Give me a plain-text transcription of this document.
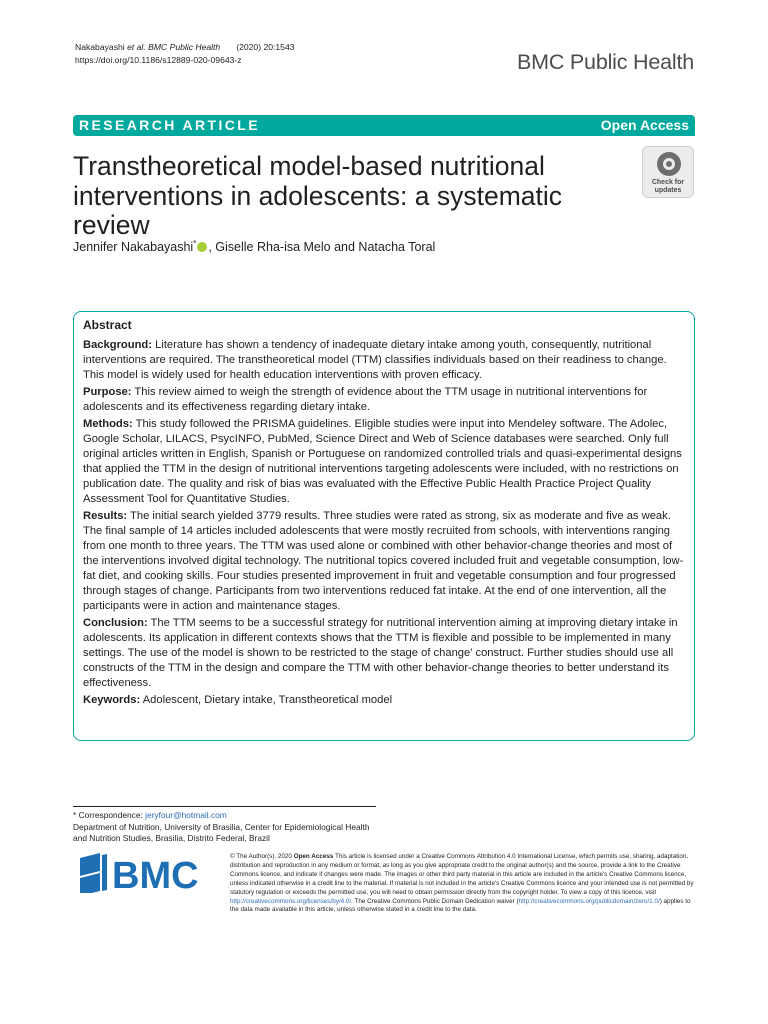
Nakabayashi et al. BMC Public Health (2020) 20:1543
https://doi.org/10.1186/s12889-020-09643-z	BMC Public Health
RESEARCH ARTICLE	Open Access
Transtheoretical model-based nutritional interventions in adolescents: a systematic review
Check for
updates
Jennifer Nakabayashi* , Giselle Rha-isa Melo and Natacha Toral
Abstract

Background: Literature has shown a tendency of inadequate dietary intake among youth, consequently, nutritional interventions are required. The transtheoretical model (TTM) classifies individuals based on their readiness to change. This model is widely used for health education interventions with proven efficacy.

Purpose: This review aimed to weigh the strength of evidence about the TTM usage in nutritional interventions for adolescents and its effectiveness regarding dietary intake.

Methods: This study followed the PRISMA guidelines. Eligible studies were input into Mendeley software. The Adolec, Google Scholar, LILACS, PsycINFO, PubMed, Science Direct and Web of Science databases were searched. Only full original articles written in English, Spanish or Portuguese on randomized controlled trials and quasi-experimental designs that applied the TTM in the design of nutritional interventions targeting adolescents were included, with no restrictions on publication date. The quality and risk of bias was evaluated with the Effective Public Health Practice Project Quality Assessment Tool for Quantitative Studies.

Results: The initial search yielded 3779 results. Three studies were rated as strong, six as moderate and five as weak. The final sample of 14 articles included adolescents that were mostly recruited from schools, with interventions ranging from one month to three years. The TTM was used alone or combined with other behavior-change theories and most of the interventions involved digital technology. The nutritional topics covered included fruit and vegetable consumption, low-fat diet, and cooking skills. Four studies presented improvement in fruit and vegetable consumption and four progressed through stages of change. Participants from two interventions reduced fat intake. At the end of one intervention, all the participants were in action and maintenance stages.

Conclusion: The TTM seems to be a successful strategy for nutritional intervention aiming at improving dietary intake in adolescents. Its application in different contexts shows that the TTM is flexible and possible to be implemented in many settings. The use of the model is shown to be restricted to the stage of change' construct. Further studies should use all constructs of the TTM in the design and compare the TTM with other behavior-change theories to better understand its effectiveness.

Keywords: Adolescent, Dietary intake, Transtheoretical model

* Correspondence: jeryfour@hotmail.com
Department of Nutrition, University of Brasilia, Center for Epidemiological Health and Nutrition Studies, Brasilia, Distrito Federal, Brazil
BMC	© The Author(s). 2020 Open Access This article is licensed under a Creative Commons Attribution 4.0 International License, which permits use, sharing, adaptation, distribution and reproduction in any medium or format, as long as you give appropriate credit to the original author(s) and the source, provide a link to the Creative Commons licence, and indicate if changes were made. The images or other third party material in this article are included in the article's Creative Commons licence, unless indicated otherwise in a credit line to the material. If material is not included in the article's Creative Commons licence and your intended use is not permitted by statutory regulation or exceeds the permitted use, you will need to obtain permission directly from the copyright holder. To view a copy of this licence, visit http://creativecommons.org/licenses/by/4.0/. The Creative Commons Public Domain Dedication waiver (http://creativecommons.org/publicdomain/zero/1.0/) applies to the data made available in this article, unless otherwise stated in a credit line to the data.
